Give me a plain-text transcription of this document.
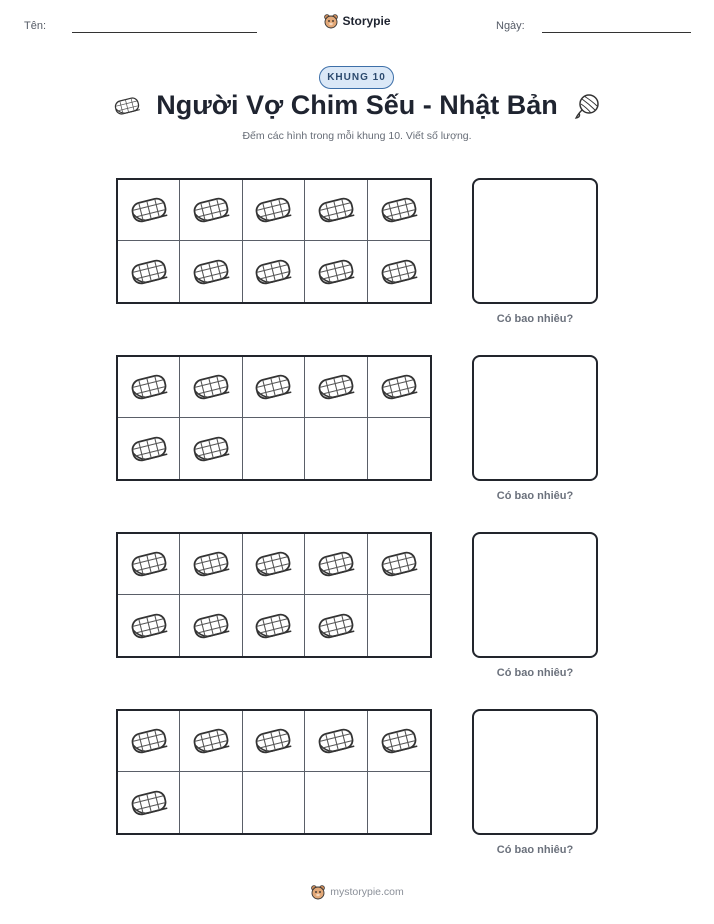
Tên:	Storypie	Ngày:
KHUNG 10
Người Vợ Chim Sếu - Nhật Bản
Đếm các hình trong mỗi khung 10. Viết số lượng.
Có bao nhiêu?
Có bao nhiêu?
Có bao nhiêu?
Có bao nhiêu?
mystorypie.com
